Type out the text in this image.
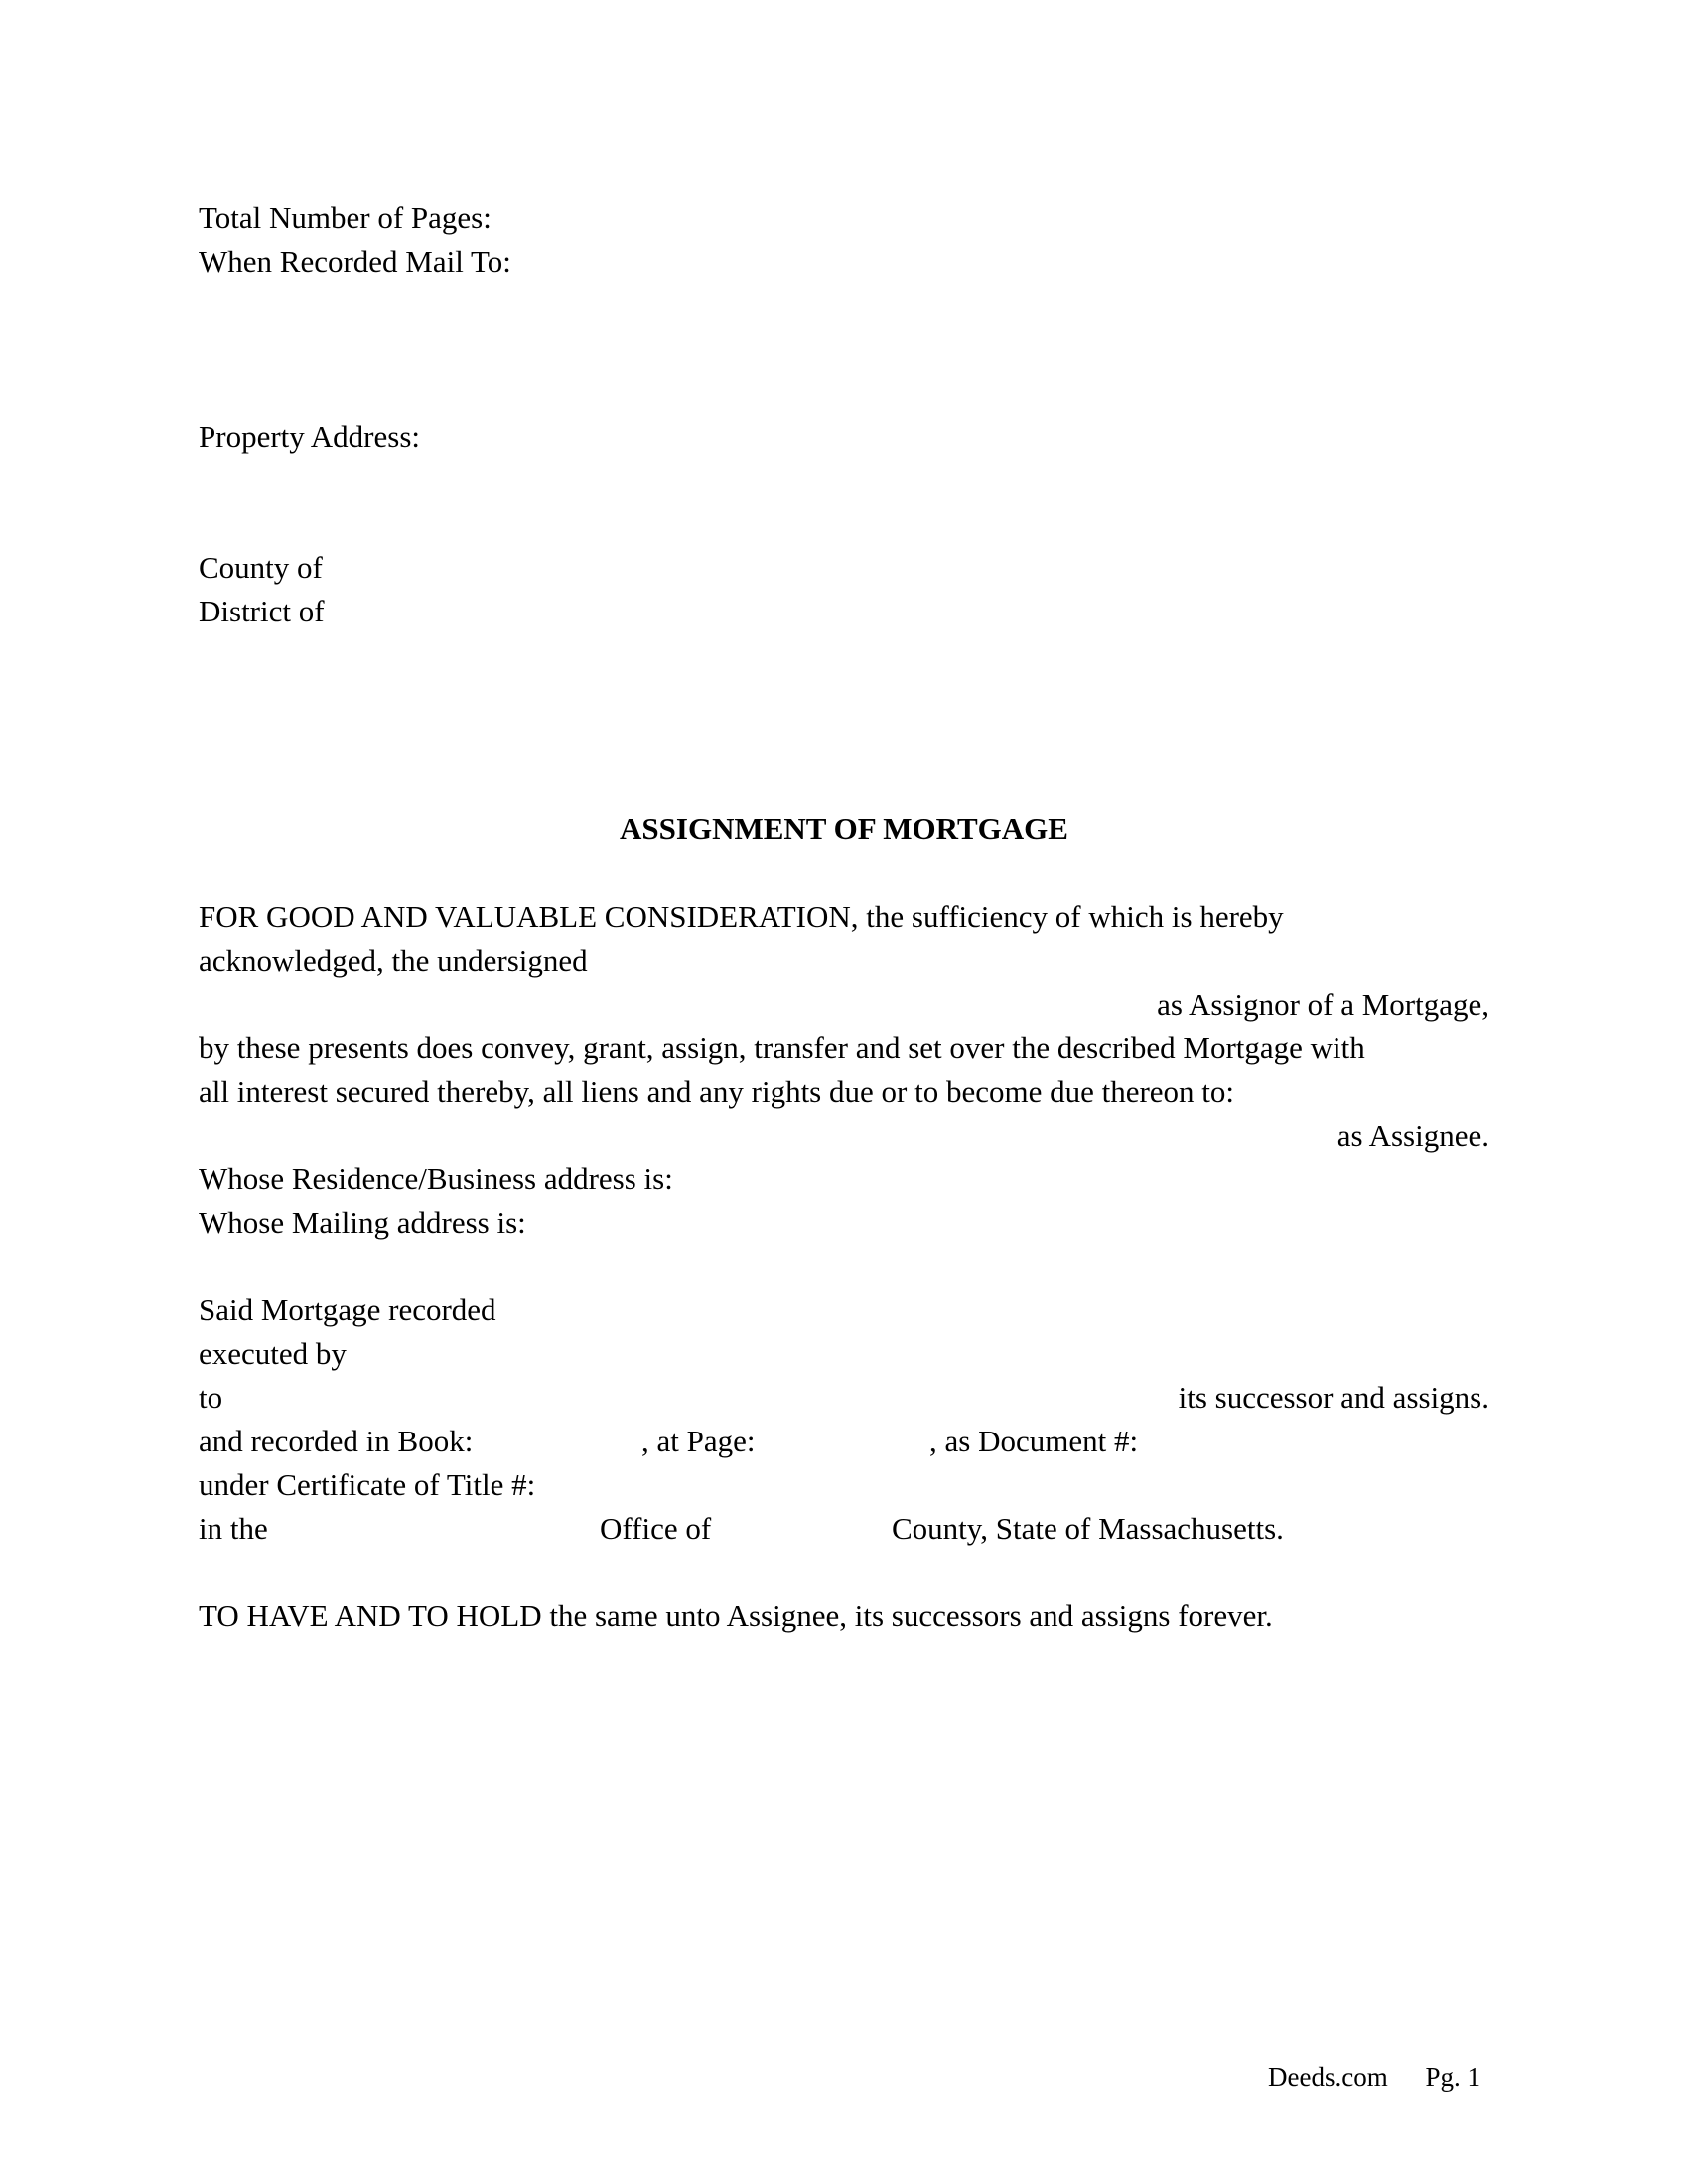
Total Number of Pages:
When Recorded Mail To:
Property Address:
County of
District of
ASSIGNMENT OF MORTGAGE
FOR GOOD AND VALUABLE CONSIDERATION, the sufficiency of which is hereby
acknowledged, the undersigned
as Assignor of a Mortgage,
by these presents does convey, grant, assign, transfer and set over the described Mortgage with
all interest secured thereby, all liens and any rights due or to become due thereon to:
as Assignee.
Whose Residence/Business address is:
Whose Mailing address is:
Said Mortgage recorded
executed by
to	its successor and assigns.
and recorded in Book:	, at Page:	, as Document #:
under Certificate of Title #:
in the	Office of	County, State of Massachusetts.
TO HAVE AND TO HOLD the same unto Assignee, its successors and assigns forever.
Deeds.com Pg. 1
